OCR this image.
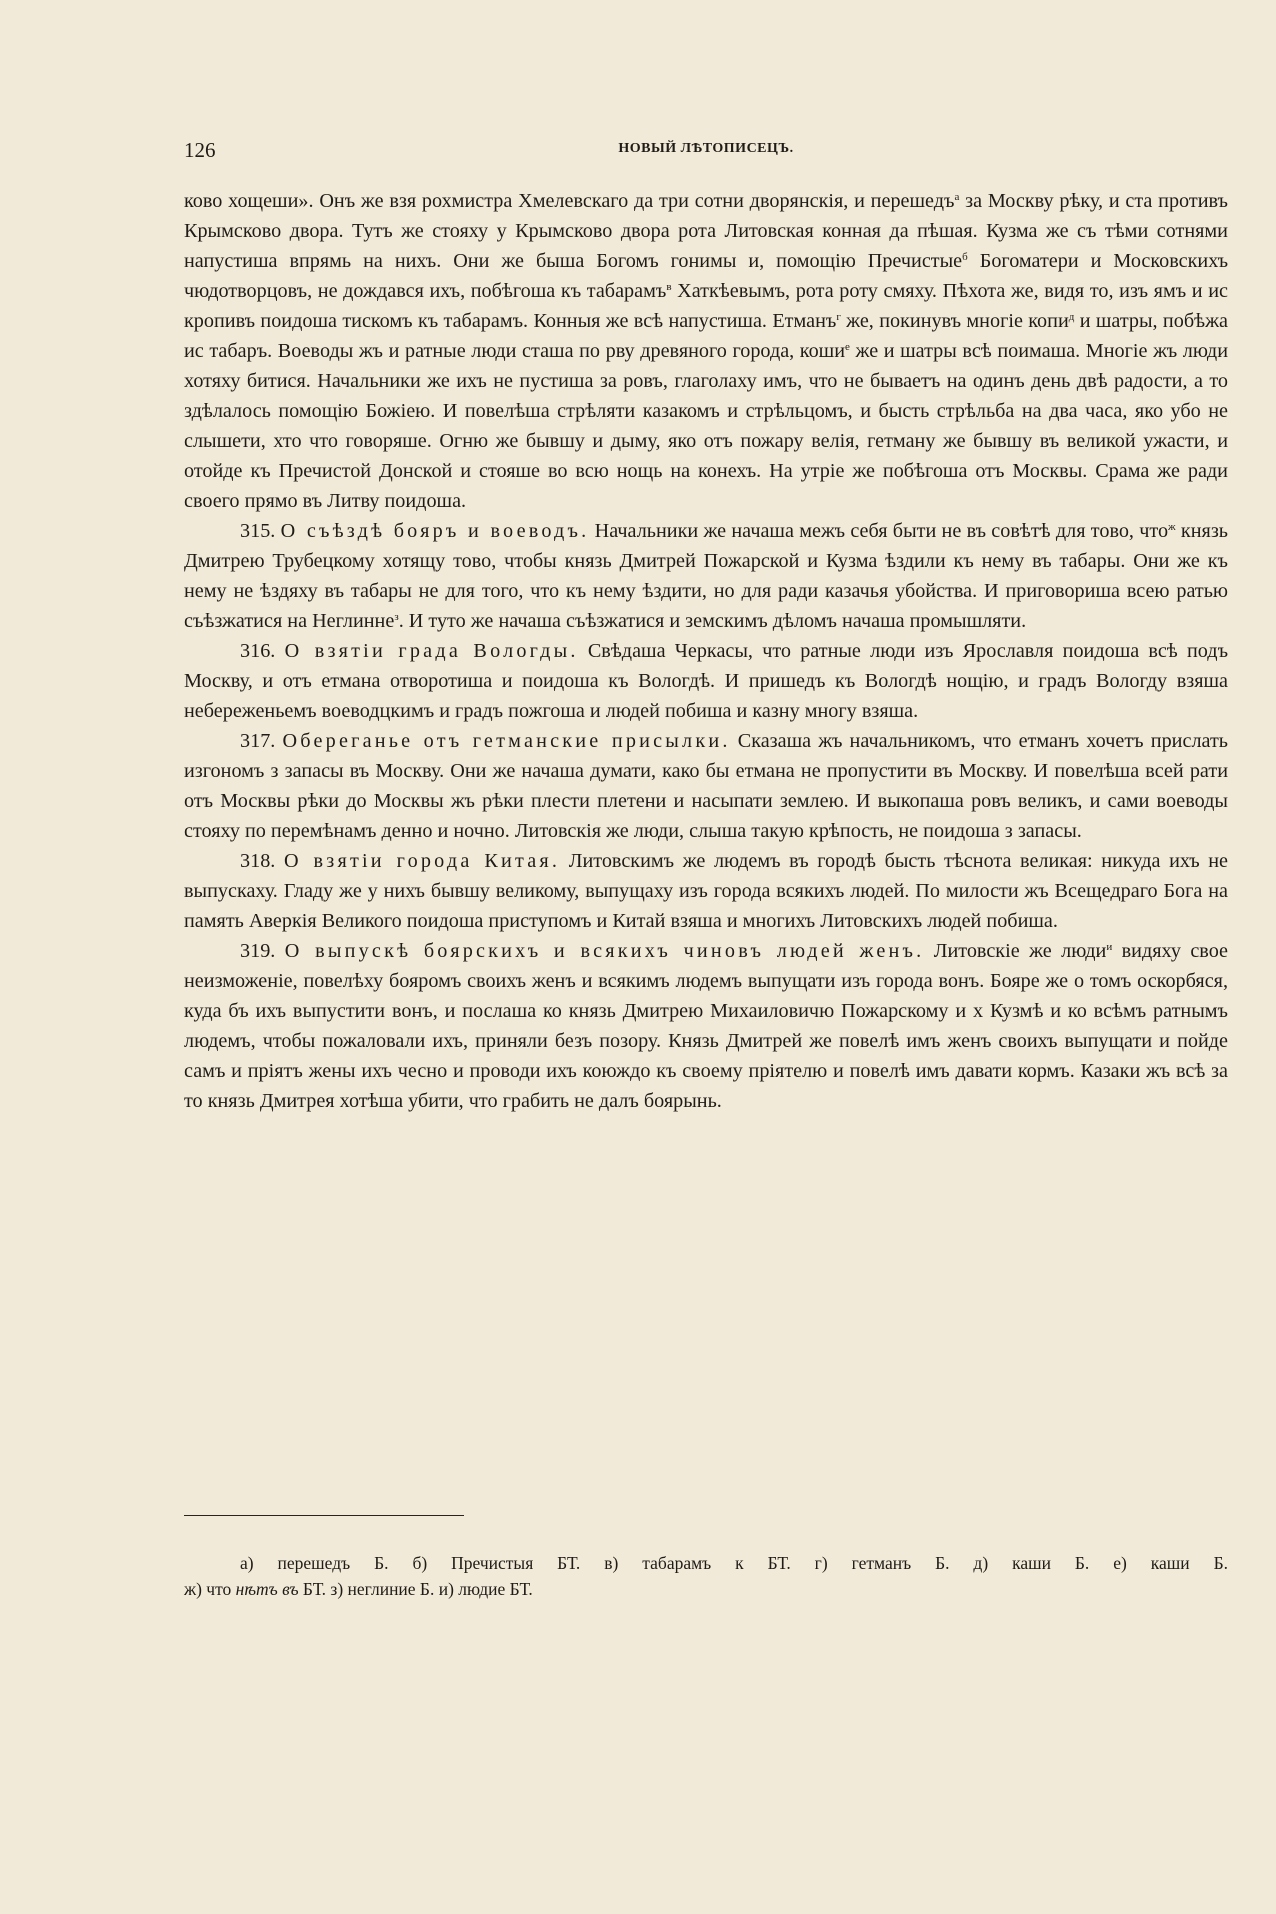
126	НОВЫЙ ЛѢТОПИСЕЦЪ.

ково хощеши». Онъ же взя рохмистра Хмелевскаго да три сотни дворянскія, и перешедъ$^а$ за Москву рѣку, и ста противъ Крымсково двора. Тутъ же стояху у Крымсково двора рота Литовская конная да пѣшая. Кузма же съ тѣми сотнями напустиша впрямь на нихъ. Они же быша Богомъ гонимы и, помощію Пречистые$^б$ Богоматери и Московскихъ чюдотворцовъ, не дождався ихъ, побѣгоша къ табарамъ$^в$ Хаткѣевымъ, рота роту смяху. Пѣхота же, видя то, изъ ямъ и ис кропивъ поидоша тискомъ къ табарамъ. Конныя же всѣ напустиша. Етманъ$^г$ же, покинувъ многіе копи$^д$ и шатры, побѣжа ис табаръ. Воеводы жъ и ратные люди сташа по рву древяного города, коши$^е$ же и шатры всѣ поимаша. Многіе жъ люди хотяху битися. Начальники же ихъ не пустиша за ровъ, глаголаху имъ, что не бываетъ на одинъ день двѣ радости, а то здѣлалось помощію Божіею. И повелѣша стрѣляти казакомъ и стрѣльцомъ, и бысть стрѣльба на два часа, яко убо не слышети, хто что говоряше. Огню же бывшу и дыму, яко отъ пожару велія, гетману же бывшу въ великой ужасти, и отойде къ Пречистой Донской и стояше во всю нощь на конехъ. На утріе же побѣгоша отъ Москвы. Срама же ради своего прямо въ Литву поидоша.

315. О съѣздѣ бояръ и воеводъ. Начальники же начаша межъ себя быти не въ совѣтѣ для тово, что$^ж$ князь Дмитрею Трубецкому хотящу тово, чтобы князь Дмитрей Пожарской и Кузма ѣздили къ нему въ табары. Они же къ нему не ѣздяху въ табары не для того, что къ нему ѣздити, но для ради казачья убойства. И приговориша всею ратью съѣзжатися на Неглинне$^з$. И туто же начаша съѣзжатися и земскимъ дѣломъ начаша промышляти.

316. О взятіи града Вологды. Свѣдаша Черкасы, что ратные люди изъ Ярославля поидоша всѣ подъ Москву, и отъ етмана отворотиша и поидоша къ Вологдѣ. И пришедъ къ Вологдѣ нощію, и градъ Вологду взяша небереженьемъ воеводцкимъ и градъ пожгоша и людей побиша и казну многу взяша.

317. Оберeганье отъ гетманские присылки. Сказаша жъ начальникомъ, что етманъ хочетъ прислать изгономъ з запасы въ Москву. Они же начаша думати, како бы етмана не пропустити въ Москву. И повелѣша всей рати отъ Москвы рѣки до Москвы жъ рѣки плести плетени и насыпати землею. И выкопаша ровъ великъ, и сами воеводы стояху по перемѣнамъ денно и ночно. Литовскія же люди, слыша такую крѣпость, не поидоша з запасы.

318. О взятіи города Китая. Литовскимъ же людемъ въ городѣ бысть тѣснота великая: никуда ихъ не выпускаху. Гладу же у нихъ бывшу великому, выпущаху изъ города всякихъ людей. По милости жъ Всещедраго Бога на память Аверкія Великого поидоша приступомъ и Китай взяша и многихъ Литовскихъ людей побиша.

319. О выпускѣ боярскихъ и всякихъ чиновъ людей женъ. Литовскіе же люди$^и$ видяху свое неизможеніе, повелѣху бояромъ своихъ женъ и всякимъ людемъ выпущати изъ города вонъ. Бояре же о томъ оскорбяся, куда бъ ихъ выпустити вонъ, и послаша ко князь Дмитрею Михаиловичю Пожарскому и х Кузмѣ и ко всѣмъ ратнымъ людемъ, чтобы пожаловали ихъ, приняли безъ позору. Князь Дмитрей же повелѣ имъ женъ своихъ выпущати и пойде самъ и пріятъ жены ихъ чесно и проводи ихъ коюждо къ своему пріятелю и повелѣ имъ давати кормъ. Казаки жъ всѣ за то князь Дмитрея хотѣша убити, что грабить не далъ боярынь.

а) перешедъ Б. б) Пречистыя БТ. в) табарамъ к БТ. г) гетманъ Б. д) каши Б. е) каши Б.
ж) что нѣтъ въ БТ. з) неглиние Б. и) людие БТ.
